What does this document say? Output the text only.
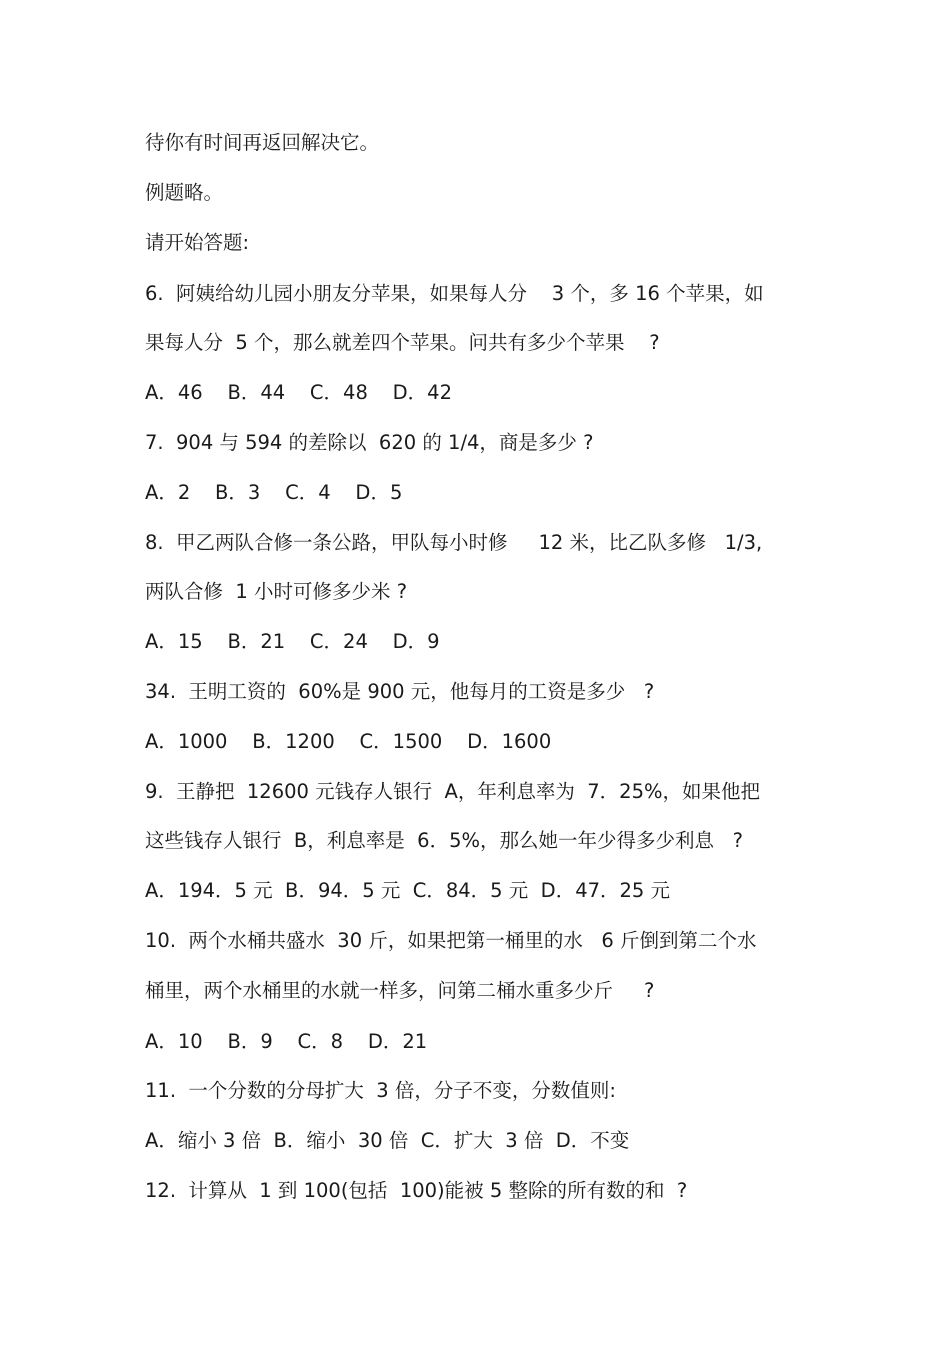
待你有时间再返回解决它。
例题略。
请开始答题:
6.  阿姨给幼儿园小朋友分苹果，如果每人分    3 个，多 16 个苹果，如
果每人分  5 个，那么就差四个苹果。问共有多少个苹果    ?
A．46    B．44    C．48    D．42
7.  904 与 594 的差除以  620 的 1/4，商是多少 ?
A．2    B．3    C．4    D．5
8.  甲乙两队合修一条公路，甲队每小时修     12 米，比乙队多修   1/3,
两队合修  1 小时可修多少米 ?
A．15    B．21    C．24    D．9
34.  王明工资的  60%是 900 元，他每月的工资是多少   ?
A．1000    B．1200    C．1500    D．1600
9.  王静把  12600 元钱存人银行  A，年利息率为  7．25%，如果他把
这些钱存人银行  B，利息率是  6．5%，那么她一年少得多少利息   ?
A．194．5 元  B．94．5 元  C．84．5 元  D．47．25 元
10.  两个水桶共盛水  30 斤，如果把第一桶里的水   6 斤倒到第二个水
桶里，两个水桶里的水就一样多，问第二桶水重多少斤     ?
A．10    B．9    C．8    D．21
11.  一个分数的分母扩大  3 倍，分子不变，分数值则:
A．缩小 3 倍  B．缩小  30 倍  C．扩大  3 倍  D．不变
12.  计算从  1 到 100(包括  100)能被 5 整除的所有数的和  ?
